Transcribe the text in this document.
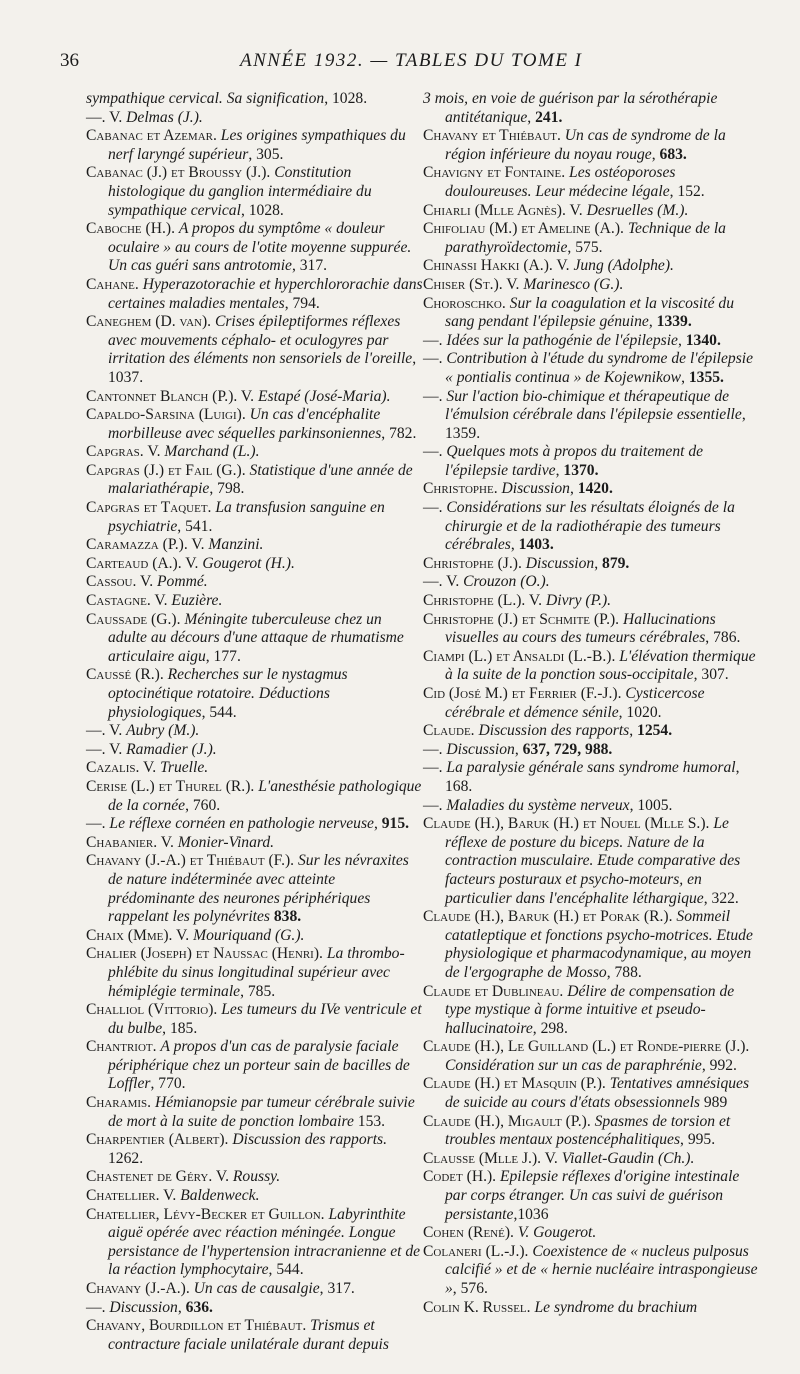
36	ANNÉE 1932. — TABLES DU TOME I

sympathique cervical. Sa signification, 1028.

—. V. Delmas (J.).

Cabanac et Azemar. Les origines sympathiques du nerf laryngé supérieur, 305.

Cabanac (J.) et Broussy (J.). Constitution histologique du ganglion intermédiaire du sympathique cervical, 1028.

Caboche (H.). A propos du symptôme « douleur oculaire » au cours de l'otite moyenne suppurée. Un cas guéri sans antrotomie, 317.

Cahane. Hyperazotorachie et hyperchlororachie dans certaines maladies mentales, 794.

Caneghem (D. van). Crises épileptiformes réflexes avec mouvements céphalo- et oculogyres par irritation des éléments non sensoriels de l'oreille, 1037.

Cantonnet Blanch (P.). V. Estapé (José-Maria).

Capaldo-Sarsina (Luigi). Un cas d'encéphalite morbilleuse avec séquelles parkinsoniennes, 782.

Capgras. V. Marchand (L.).

Capgras (J.) et Fail (G.). Statistique d'une année de malariathérapie, 798.

Capgras et Taquet. La transfusion sanguine en psychiatrie, 541.

Caramazza (P.). V. Manzini.

Carteaud (A.). V. Gougerot (H.).

Cassou. V. Pommé.

Castagne. V. Euzière.

Caussade (G.). Méningite tuberculeuse chez un adulte au décours d'une attaque de rhumatisme articulaire aigu, 177.

Caussé (R.). Recherches sur le nystagmus optocinétique rotatoire. Déductions physiologiques, 544.

—. V. Aubry (M.).

—. V. Ramadier (J.).

Cazalis. V. Truelle.

Cerise (L.) et Thurel (R.). L'anesthésie pathologique de la cornée, 760.

—. Le réflexe cornéen en pathologie nerveuse, 915.

Chabanier. V. Monier-Vinard.

Chavany (J.-A.) et Thiébaut (F.). Sur les névraxites de nature indéterminée avec atteinte prédominante des neurones périphériques rappelant les polynévrites 838.

Chaix (Mme). V. Mouriquand (G.).

Chalier (Joseph) et Naussac (Henri). La thrombo-phlébite du sinus longitudinal supérieur avec hémiplégie terminale, 785.

Challiol (Vittorio). Les tumeurs du IVe ventricule et du bulbe, 185.

Chantriot. A propos d'un cas de paralysie faciale périphérique chez un porteur sain de bacilles de Loffler, 770.

Charamis. Hémianopsie par tumeur cérébrale suivie de mort à la suite de ponction lombaire 153.

Charpentier (Albert). Discussion des rapports. 1262.

Chastenet de Géry. V. Roussy.

Chatellier. V. Baldenweck.

Chatellier, Lévy-Becker et Guillon. Labyrinthite aiguë opérée avec réaction méningée. Longue persistance de l'hypertension intracranienne et de la réaction lymphocytaire, 544.

Chavany (J.-A.). Un cas de causalgie, 317.

—. Discussion, 636.

Chavany, Bourdillon et Thiébaut. Trismus et contracture faciale unilatérale durant depuis

3 mois, en voie de guérison par la sérothérapie antitétanique, 241.

Chavany et Thiébaut. Un cas de syndrome de la région inférieure du noyau rouge, 683.

Chavigny et Fontaine. Les ostéoporoses douloureuses. Leur médecine légale, 152.

Chiarli (Mlle Agnès). V. Desruelles (M.).

Chifoliau (M.) et Ameline (A.). Technique de la parathyroïdectomie, 575.

Chinassi Hakki (A.). V. Jung (Adolphe).

Chiser (St.). V. Marinesco (G.).

Choroschko. Sur la coagulation et la viscosité du sang pendant l'épilepsie génuine, 1339.

—. Idées sur la pathogénie de l'épilepsie, 1340.

—. Contribution à l'étude du syndrome de l'épilepsie « pontialis continua » de Kojewnikow, 1355.

—. Sur l'action bio-chimique et thérapeutique de l'émulsion cérébrale dans l'épilepsie essentielle, 1359.

—. Quelques mots à propos du traitement de l'épilepsie tardive, 1370.

Christophe. Discussion, 1420.

—. Considérations sur les résultats éloignés de la chirurgie et de la radiothérapie des tumeurs cérébrales, 1403.

Christophe (J.). Discussion, 879.

—. V. Crouzon (O.).

Christophe (L.). V. Divry (P.).

Christophe (J.) et Schmite (P.). Hallucinations visuelles au cours des tumeurs cérébrales, 786.

Ciampi (L.) et Ansaldi (L.-B.). L'élévation thermique à la suite de la ponction sous-occipitale, 307.

Cid (José M.) et Ferrier (F.-J.). Cysticercose cérébrale et démence sénile, 1020.

Claude. Discussion des rapports, 1254.

—. Discussion, 637, 729, 988.

—. La paralysie générale sans syndrome humoral, 168.

—. Maladies du système nerveux, 1005.

Claude (H.), Baruk (H.) et Nouel (Mlle S.). Le réflexe de posture du biceps. Nature de la contraction musculaire. Etude comparative des facteurs posturaux et psycho-moteurs, en particulier dans l'encéphalite léthargique, 322.

Claude (H.), Baruk (H.) et Porak (R.). Sommeil catatleptique et fonctions psycho-motrices. Etude physiologique et pharmacodynamique, au moyen de l'ergographe de Mosso, 788.

Claude et Dublineau. Délire de compensation de type mystique à forme intuitive et pseudo-hallucinatoire, 298.

Claude (H.), Le Guilland (L.) et Ronde-pierre (J.). Considération sur un cas de paraphrénie, 992.

Claude (H.) et Masquin (P.). Tentatives amnésiques de suicide au cours d'états obsessionnels 989

Claude (H.), Migault (P.). Spasmes de torsion et troubles mentaux postencéphalitiques, 995.

Clausse (Mlle J.). V. Viallet-Gaudin (Ch.).

Codet (H.). Epilepsie réflexes d'origine intestinale par corps étranger. Un cas suivi de guérison persistante,1036

Cohen (René). V. Gougerot.

Colaneri (L.-J.). Coexistence de « nucleus pulposus calcifié » et de « hernie nucléaire intraspongieuse », 576.

Colin K. Russel. Le syndrome du brachium
